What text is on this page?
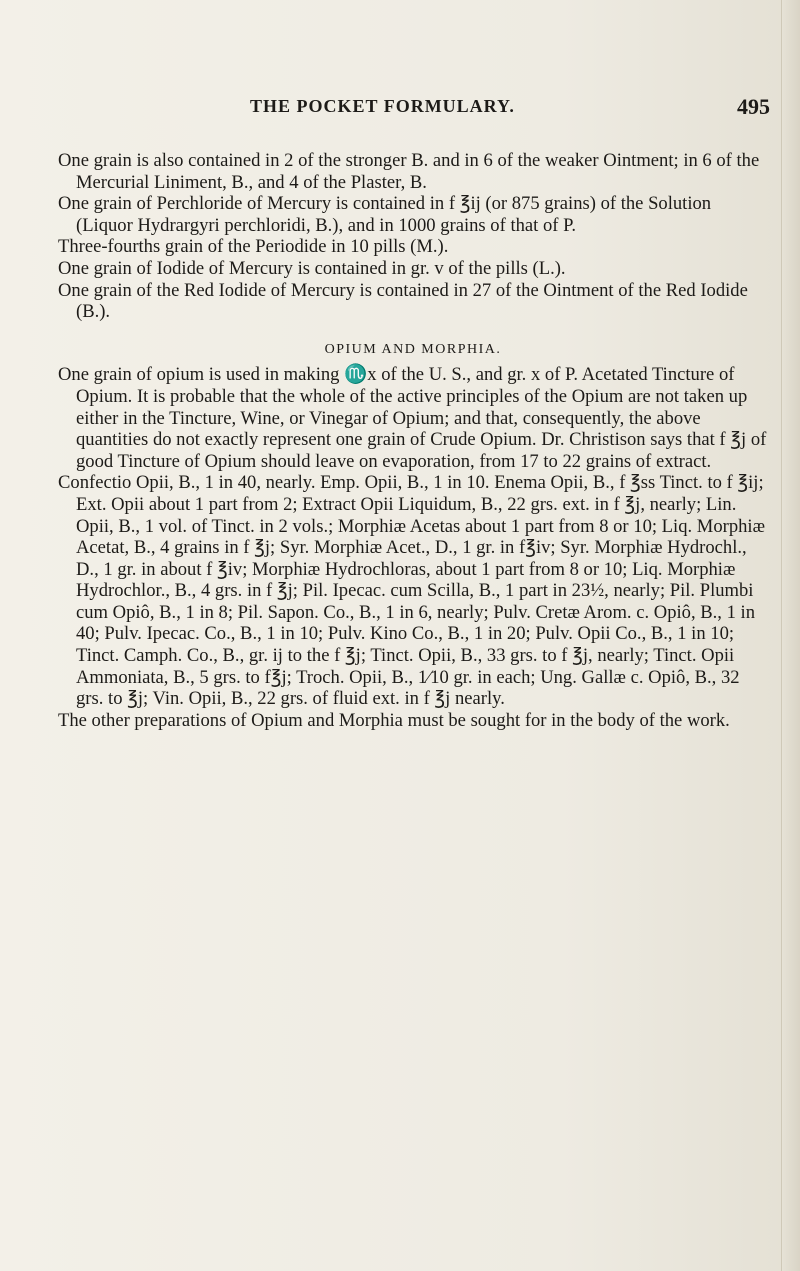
THE POCKET FORMULARY.	495

One grain is also contained in 2 of the stronger B. and in 6 of the weaker Ointment; in 6 of the Mercurial Liniment, B., and 4 of the Plaster, B.

One grain of Perchloride of Mercury is contained in f ℥ij (or 875 grains) of the Solution (Liquor Hydrargyri perchloridi, B.), and in 1000 grains of that of P.

Three-fourths grain of the Periodide in 10 pills (M.).

One grain of Iodide of Mercury is contained in gr. v of the pills (L.).

One grain of the Red Iodide of Mercury is contained in 27 of the Ointment of the Red Iodide (B.).

OPIUM AND MORPHIA.

One grain of opium is used in making ♏x of the U. S., and gr. x of P. Acetated Tincture of Opium. It is probable that the whole of the active principles of the Opium are not taken up either in the Tincture, Wine, or Vinegar of Opium; and that, consequently, the above quantities do not exactly represent one grain of Crude Opium. Dr. Christison says that f ℥j of good Tincture of Opium should leave on evaporation, from 17 to 22 grains of extract.

Confectio Opii, B., 1 in 40, nearly. Emp. Opii, B., 1 in 10. Enema Opii, B., f ℥ss Tinct. to f ℥ij; Ext. Opii about 1 part from 2; Extract Opii Liquidum, B., 22 grs. ext. in f ℥j, nearly; Lin. Opii, B., 1 vol. of Tinct. in 2 vols.; Morphiæ Acetas about 1 part from 8 or 10; Liq. Morphiæ Acetat, B., 4 grains in f ℥j; Syr. Morphiæ Acet., D., 1 gr. in f℥iv; Syr. Morphiæ Hydrochl., D., 1 gr. in about f ℥iv; Morphiæ Hydrochloras, about 1 part from 8 or 10; Liq. Morphiæ Hydrochlor., B., 4 grs. in f ℥j; Pil. Ipecac. cum Scilla, B., 1 part in 23½, nearly; Pil. Plumbi cum Opiô, B., 1 in 8; Pil. Sapon. Co., B., 1 in 6, nearly; Pulv. Cretæ Arom. c. Opiô, B., 1 in 40; Pulv. Ipecac. Co., B., 1 in 10; Pulv. Kino Co., B., 1 in 20; Pulv. Opii Co., B., 1 in 10; Tinct. Camph. Co., B., gr. ij to the f ℥j; Tinct. Opii, B., 33 grs. to f ℥j, nearly; Tinct. Opii Ammoniata, B., 5 grs. to f℥j; Troch. Opii, B., 1⁄10 gr. in each; Ung. Gallæ c. Opiô, B., 32 grs. to ℥j; Vin. Opii, B., 22 grs. of fluid ext. in f ℥j nearly.

The other preparations of Opium and Morphia must be sought for in the body of the work.
